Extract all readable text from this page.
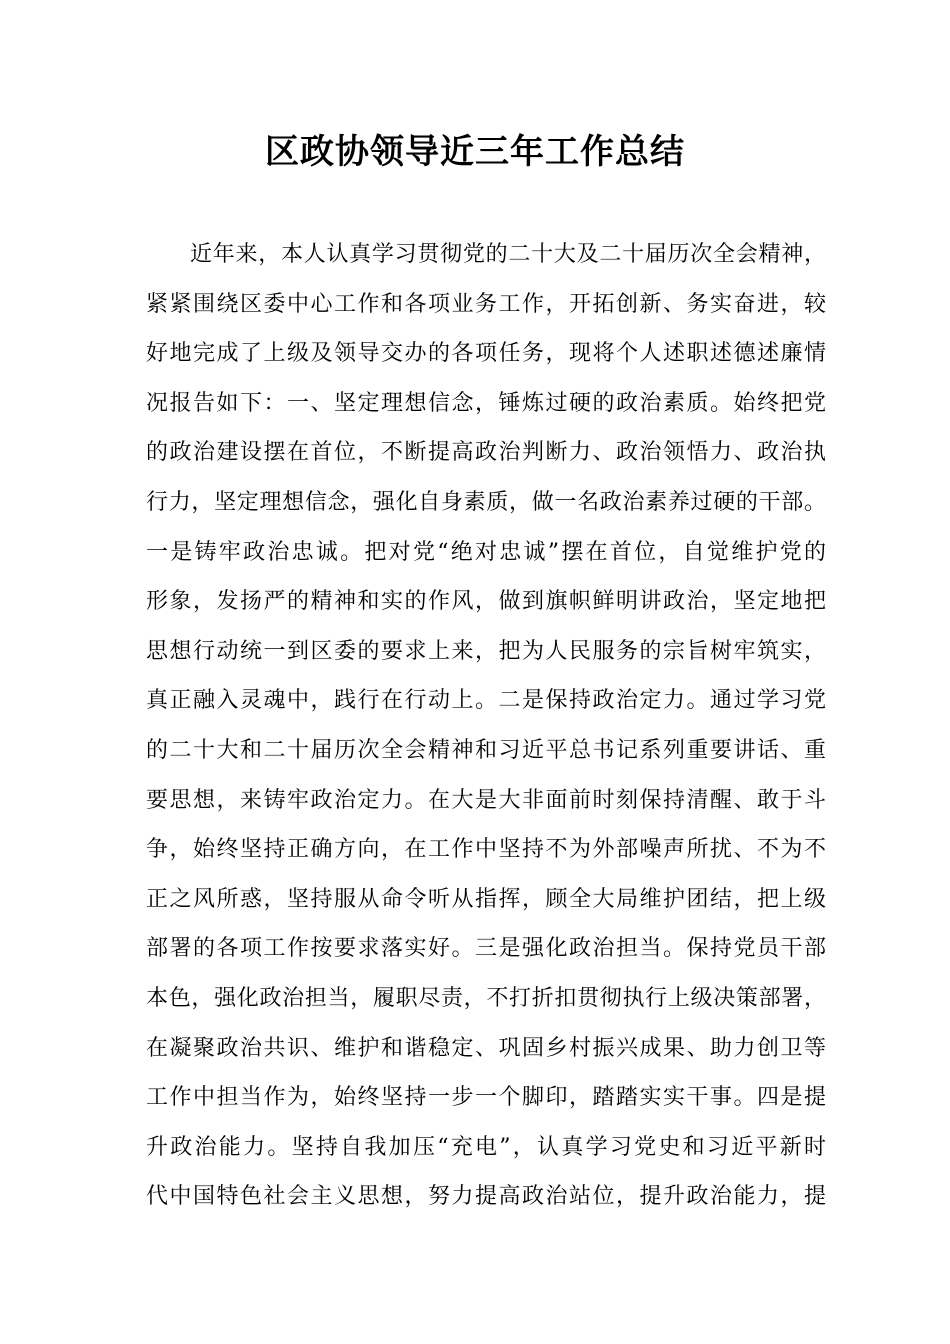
区政协领导近三年工作总结
近年来，本人认真学习贯彻党的二十大及二十届历次全会精神，
紧紧围绕区委中心工作和各项业务工作，开拓创新、务实奋进，较
好地完成了上级及领导交办的各项任务，现将个人述职述德述廉情
况报告如下：一、坚定理想信念，锤炼过硬的政治素质。始终把党
的政治建设摆在首位，不断提高政治判断力、政治领悟力、政治执
行力，坚定理想信念，强化自身素质，做一名政治素养过硬的干部。
一是铸牢政治忠诚。把对党“绝对忠诚”摆在首位，自觉维护党的
形象，发扬严的精神和实的作风，做到旗帜鲜明讲政治，坚定地把
思想行动统一到区委的要求上来，把为人民服务的宗旨树牢筑实，
真正融入灵魂中，践行在行动上。二是保持政治定力。通过学习党
的二十大和二十届历次全会精神和习近平总书记系列重要讲话、重
要思想，来铸牢政治定力。在大是大非面前时刻保持清醒、敢于斗
争，始终坚持正确方向，在工作中坚持不为外部噪声所扰、不为不
正之风所惑，坚持服从命令听从指挥，顾全大局维护团结，把上级
部署的各项工作按要求落实好。三是强化政治担当。保持党员干部
本色，强化政治担当，履职尽责，不打折扣贯彻执行上级决策部署，
在凝聚政治共识、维护和谐稳定、巩固乡村振兴成果、助力创卫等
工作中担当作为，始终坚持一步一个脚印，踏踏实实干事。四是提
升政治能力。坚持自我加压“充电”，认真学习党史和习近平新时
代中国特色社会主义思想，努力提高政治站位，提升政治能力，提
